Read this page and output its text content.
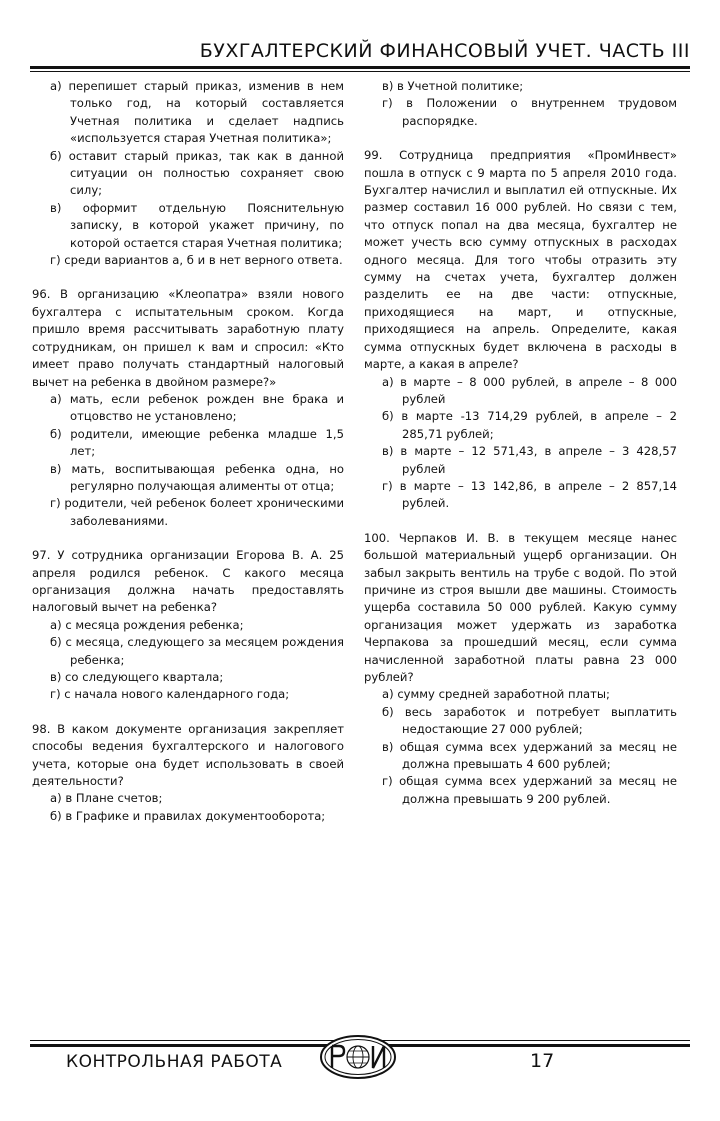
БУХГАЛТЕРСКИЙ ФИНАНСОВЫЙ УЧЕТ. ЧАСТЬ III

а) перепишет старый приказ, изменив в нем только год, на который составляется Учетная политика и сделает надпись «используется старая Учетная политика»;

б) оставит старый приказ, так как в данной ситуации он полностью сохраняет свою силу;

в) оформит отдельную Пояснительную записку, в которой укажет причину, по которой остается старая Учетная политика;

г) среди вариантов а, б и в нет верного ответа.

96. В организацию «Клеопатра» взяли нового бухгалтера с испытательным сроком. Когда пришло время рассчитывать заработную плату сотрудникам, он пришел к вам и спросил: «Кто имеет право получать стандартный налоговый вычет на ребенка в двойном размере?»

а) мать, если ребенок рожден вне брака и отцовство не установлено;

б) родители, имеющие ребенка младше 1,5 лет;

в) мать, воспитывающая ребенка одна, но регулярно получающая алименты от отца;

г) родители, чей ребенок болеет хроническими заболеваниями.

97. У сотрудника организации Егорова В. А. 25 апреля родился ребенок. С какого месяца организация должна начать предоставлять налоговый вычет на ребенка?

а) с месяца рождения ребенка;

б) с месяца, следующего за месяцем рождения ребенка;

в) со следующего квартала;

г) с начала нового календарного года;

98. В каком документе организация закрепляет способы ведения бухгалтерского и налогового учета, которые она будет использовать в своей деятельности?

а) в Плане счетов;

б) в Графике и правилах документооборота;

в) в Учетной политике;

г) в Положении о внутреннем трудовом распорядке.

99. Сотрудница предприятия «ПромИнвест» пошла в отпуск с 9 марта по 5 апреля 2010 года. Бухгалтер начислил и выплатил ей отпускные. Их размер составил 16 000 рублей. Но связи с тем, что отпуск попал на два месяца, бухгалтер не может учесть всю сумму отпускных в расходах одного месяца. Для того чтобы отразить эту сумму на счетах учета, бухгалтер должен разделить ее на две части: отпускные, приходящиеся на март, и отпускные, приходящиеся на апрель. Определите, какая сумма отпускных будет включена в расходы в марте, а какая в апреле?

а) в марте – 8 000 рублей, в апреле – 8 000 рублей

б) в марте -13 714,29 рублей, в апреле – 2 285,71 рублей;

в) в марте – 12 571,43, в апреле – 3 428,57 рублей

г) в марте – 13 142,86, в апреле – 2 857,14 рублей.

100. Черпаков И. В. в текущем месяце нанес большой материальный ущерб организации. Он забыл закрыть вентиль на трубе с водой. По этой причине из строя вышли две машины. Стоимость ущерба составила 50 000 рублей. Какую сумму организация может удержать из заработка Черпакова за прошедший месяц, если сумма начисленной заработной платы равна 23 000 рублей?

а) сумму средней заработной платы;

б) весь заработок и потребует выплатить недостающие 27 000 рублей;

в) общая сумма всех удержаний за месяц не должна превышать 4 600 рублей;

г) общая сумма всех удержаний за месяц не должна превышать 9 200 рублей.

КОНТРОЛЬНАЯ РАБОТА	17
